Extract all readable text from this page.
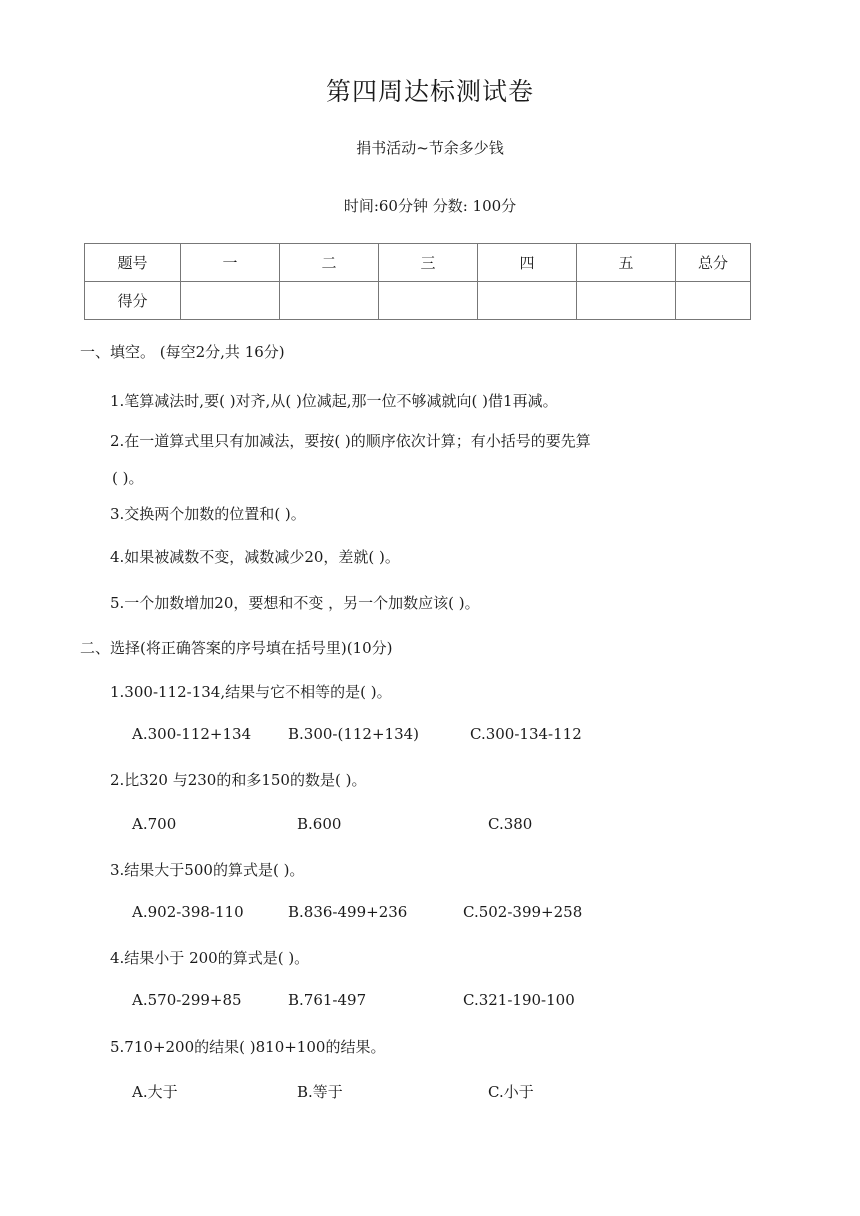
第四周达标测试卷
捐书活动~节余多少钱
时间:60分钟 分数: 100分
题号	一	二	三	四	五	总分
得分						
一、填空。 (每空2分,共 16分)
1.笔算减法时,要( )对齐,从( )位减起,那一位不够减就向( )借1再减。
2.在一道算式里只有加减法，要按( )的顺序依次计算；有小括号的要先算
( )。
3.交换两个加数的位置和( )。
4.如果被减数不变，减数减少20，差就( )。
5.一个加数增加20，要想和不变 ，另一个加数应该( )。
二、选择(将正确答案的序号填在括号里)(10分)
1.300-112-134,结果与它不相等的是( )。
A.300-112+134 B.300-(112+134)	C.300-134-112
2.比320 与230的和多150的数是( )。
A.700	B.600	C.380
3.结果大于500的算式是( )。
A.902-398-110	B.836-499+236	C.502-399+258
4.结果小于 200的算式是( )。
A.570-299+85	B.761-497	C.321-190-100
5.710+200的结果( )810+100的结果。
A.大于	B.等于	C.小于
